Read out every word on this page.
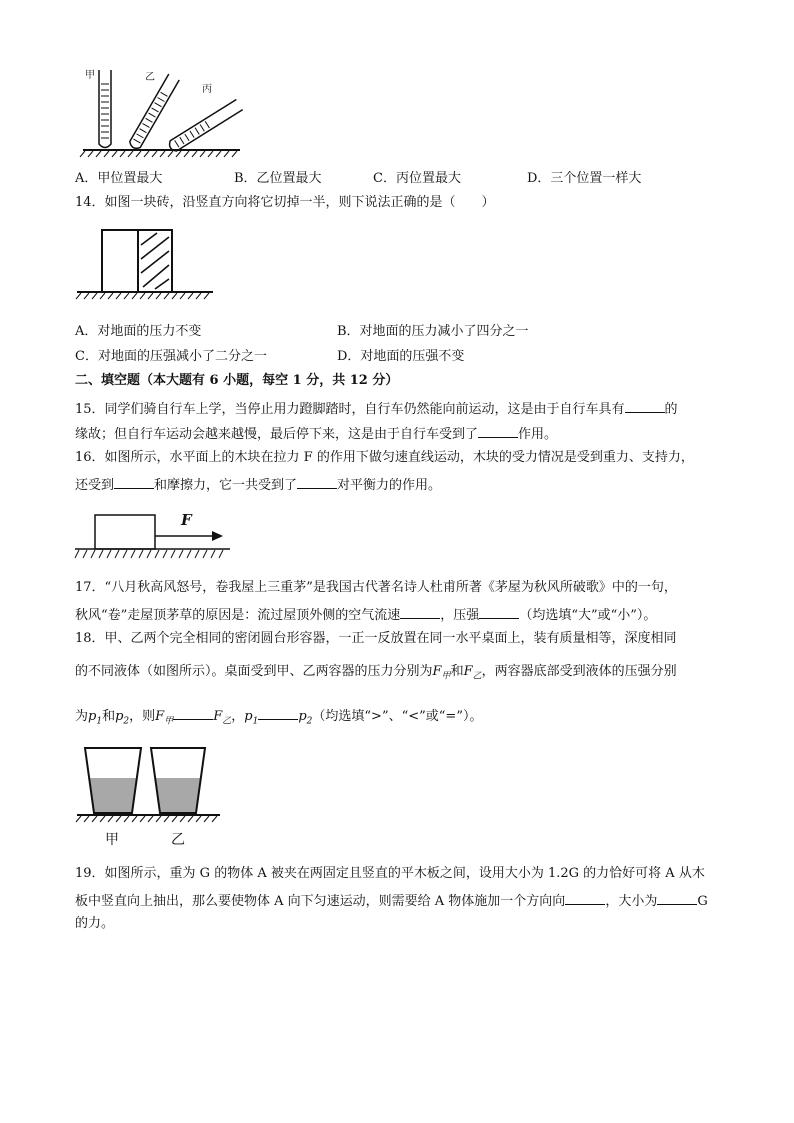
甲	乙
丙
A．甲位置最大	B．乙位置最大	C．丙位置最大	D．三个位置一样大
14．如图一块砖，沿竖直方向将它切掉一半，则下说法正确的是（　　）
A．对地面的压力不变	B．对地面的压力减小了四分之一
C．对地面的压强减小了二分之一	D．对地面的压强不变
二、填空题（本大题有 6 小题，每空 1 分，共 12 分）
15．同学们骑自行车上学，当停止用力蹬脚踏时，自行车仍然能向前运动，这是由于自行车具有	的
缘故；但自行车运动会越来越慢，最后停下来，这是由于自行车受到了	作用。
16．如图所示，水平面上的木块在拉力 F 的作用下做匀速直线运动，木块的受力情况是受到重力、支持力，
还受到	和摩擦力，它一共受到了	对平衡力的作用。
F
17．“八月秋高风怒号，卷我屋上三重茅”是我国古代著名诗人杜甫所著《茅屋为秋风所破歌》中的一句，
秋风“卷”走屋顶茅草的原因是：流过屋顶外侧的空气流速	，压强	（均选填“大”或“小”）。
18．甲、乙两个完全相同的密闭圆台形容器，一正一反放置在同一水平桌面上，装有质量相等，深度相同
的不同液体（如图所示）。桌面受到甲、乙两容器的压力分别为$F_甲$和$F_乙$，两容器底部受到液体的压强分别
为$p_1$和$p_2$，则$F_甲$	$F_乙$，$p_1$	$p_2$（均选填“>”、“<”或“=”）。
甲	乙
19．如图所示，重为 G 的物体 A 被夹在两固定且竖直的平木板之间，设用大小为 1.2G 的力恰好可将 A 从木
板中竖直向上抽出，那么要使物体 A 向下匀速运动，则需要给 A 物体施加一个方向向	，大小为	G
的力。
